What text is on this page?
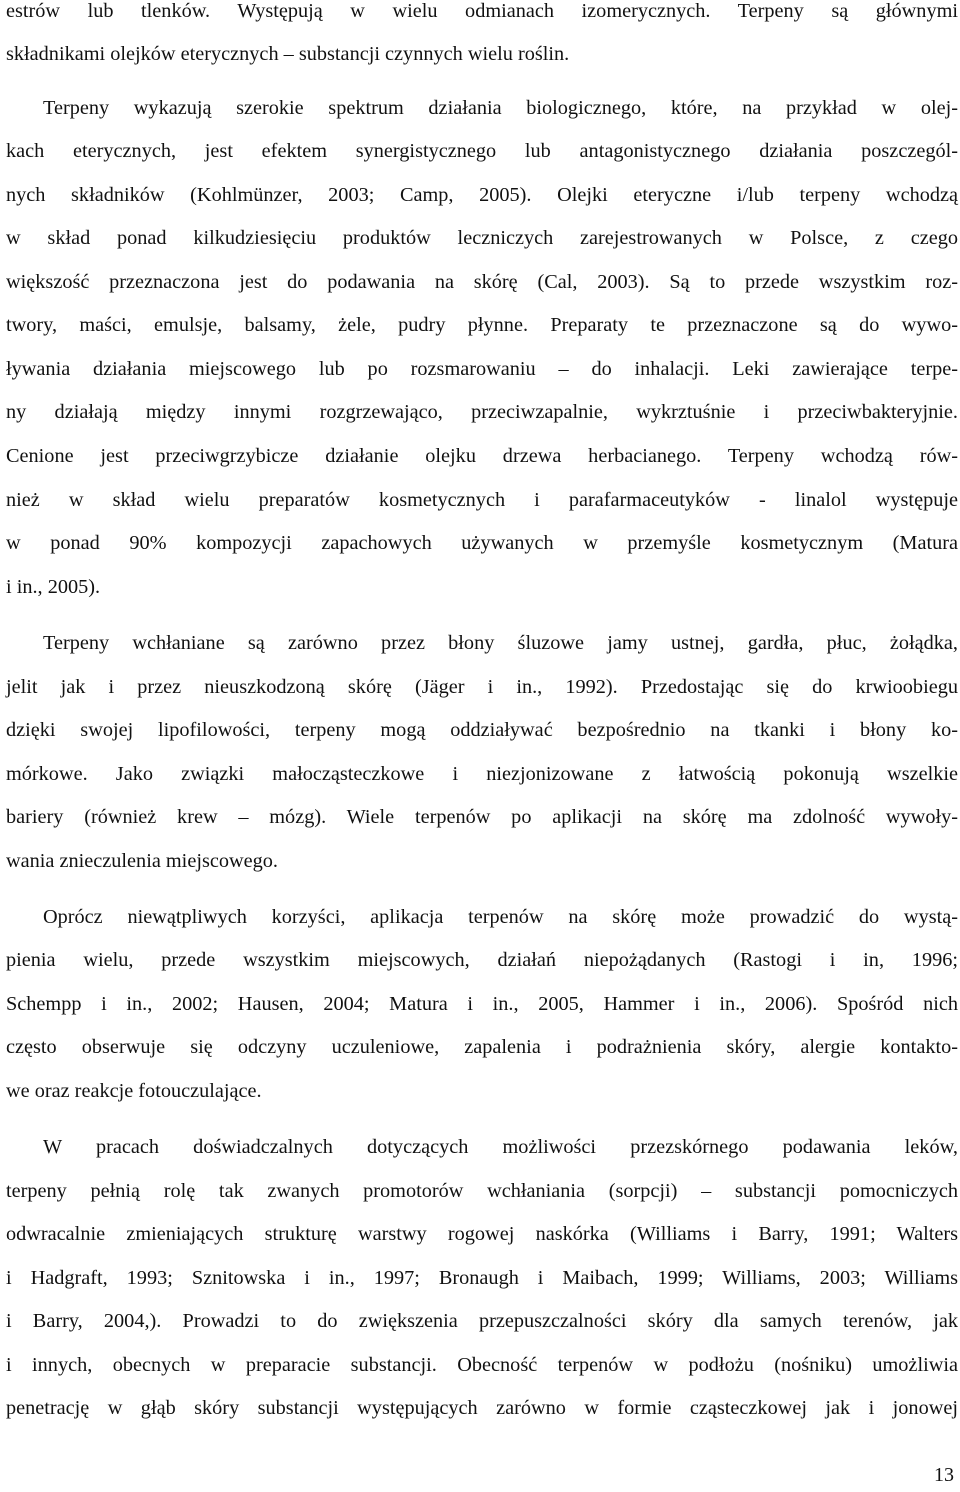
estrów lub tlenków. Występują w wielu odmianach izomerycznych. Terpeny są głównymi
składnikami olejków eterycznych – substancji czynnych wielu roślin.
Terpeny wykazują szerokie spektrum działania biologicznego, które, na przykład w olej-
kach eterycznych, jest efektem synergistycznego lub antagonistycznego działania poszczegól-
nych składników (Kohlmünzer, 2003; Camp, 2005). Olejki eteryczne i/lub terpeny wchodzą
w skład ponad kilkudziesięciu produktów leczniczych zarejestrowanych w Polsce, z czego
większość przeznaczona jest do podawania na skórę (Cal, 2003). Są to przede wszystkim roz-
twory, maści, emulsje, balsamy, żele, pudry płynne. Preparaty te przeznaczone są do wywo-
ływania działania miejscowego lub po rozsmarowaniu – do inhalacji. Leki zawierające terpe-
ny działają między innymi rozgrzewająco, przeciwzapalnie, wykrztuśnie i przeciwbakteryjnie.
Cenione jest przeciwgrzybicze działanie olejku drzewa herbacianego. Terpeny wchodzą rów-
nież w skład wielu preparatów kosmetycznych i parafarmaceutyków - linalol występuje
w ponad 90% kompozycji zapachowych używanych w przemyśle kosmetycznym (Matura
i in., 2005).
Terpeny wchłaniane są zarówno przez błony śluzowe jamy ustnej, gardła, płuc, żołądka,
jelit jak i przez nieuszkodzoną skórę (Jäger i in., 1992). Przedostając się do krwioobiegu
dzięki swojej lipofilowości, terpeny mogą oddziaływać bezpośrednio na tkanki i błony ko-
mórkowe. Jako związki małocząsteczkowe i niezjonizowane z łatwością pokonują wszelkie
bariery (również krew – mózg). Wiele terpenów po aplikacji na skórę ma zdolność wywoły-
wania znieczulenia miejscowego.
Oprócz niewątpliwych korzyści, aplikacja terpenów na skórę może prowadzić do wystą-
pienia wielu, przede wszystkim miejscowych, działań niepożądanych (Rastogi i in, 1996;
Schempp i in., 2002; Hausen, 2004; Matura i in., 2005, Hammer i in., 2006). Spośród nich
często obserwuje się odczyny uczuleniowe, zapalenia i podrażnienia skóry, alergie kontakto-
we oraz reakcje fotouczulające.
W pracach doświadczalnych dotyczących możliwości przezskórnego podawania leków,
terpeny pełnią rolę tak zwanych promotorów wchłaniania (sorpcji) – substancji pomocniczych
odwracalnie zmieniających strukturę warstwy rogowej naskórka (Williams i Barry, 1991; Walters
i Hadgraft, 1993; Sznitowska i in., 1997; Bronaugh i Maibach, 1999; Williams, 2003; Williams
i Barry, 2004,). Prowadzi to do zwiększenia przepuszczalności skóry dla samych terenów, jak
i innych, obecnych w preparacie substancji. Obecność terpenów w podłożu (nośniku) umożliwia
penetrację w głąb skóry substancji występujących zarówno w formie cząsteczkowej jak i jonowej
13
